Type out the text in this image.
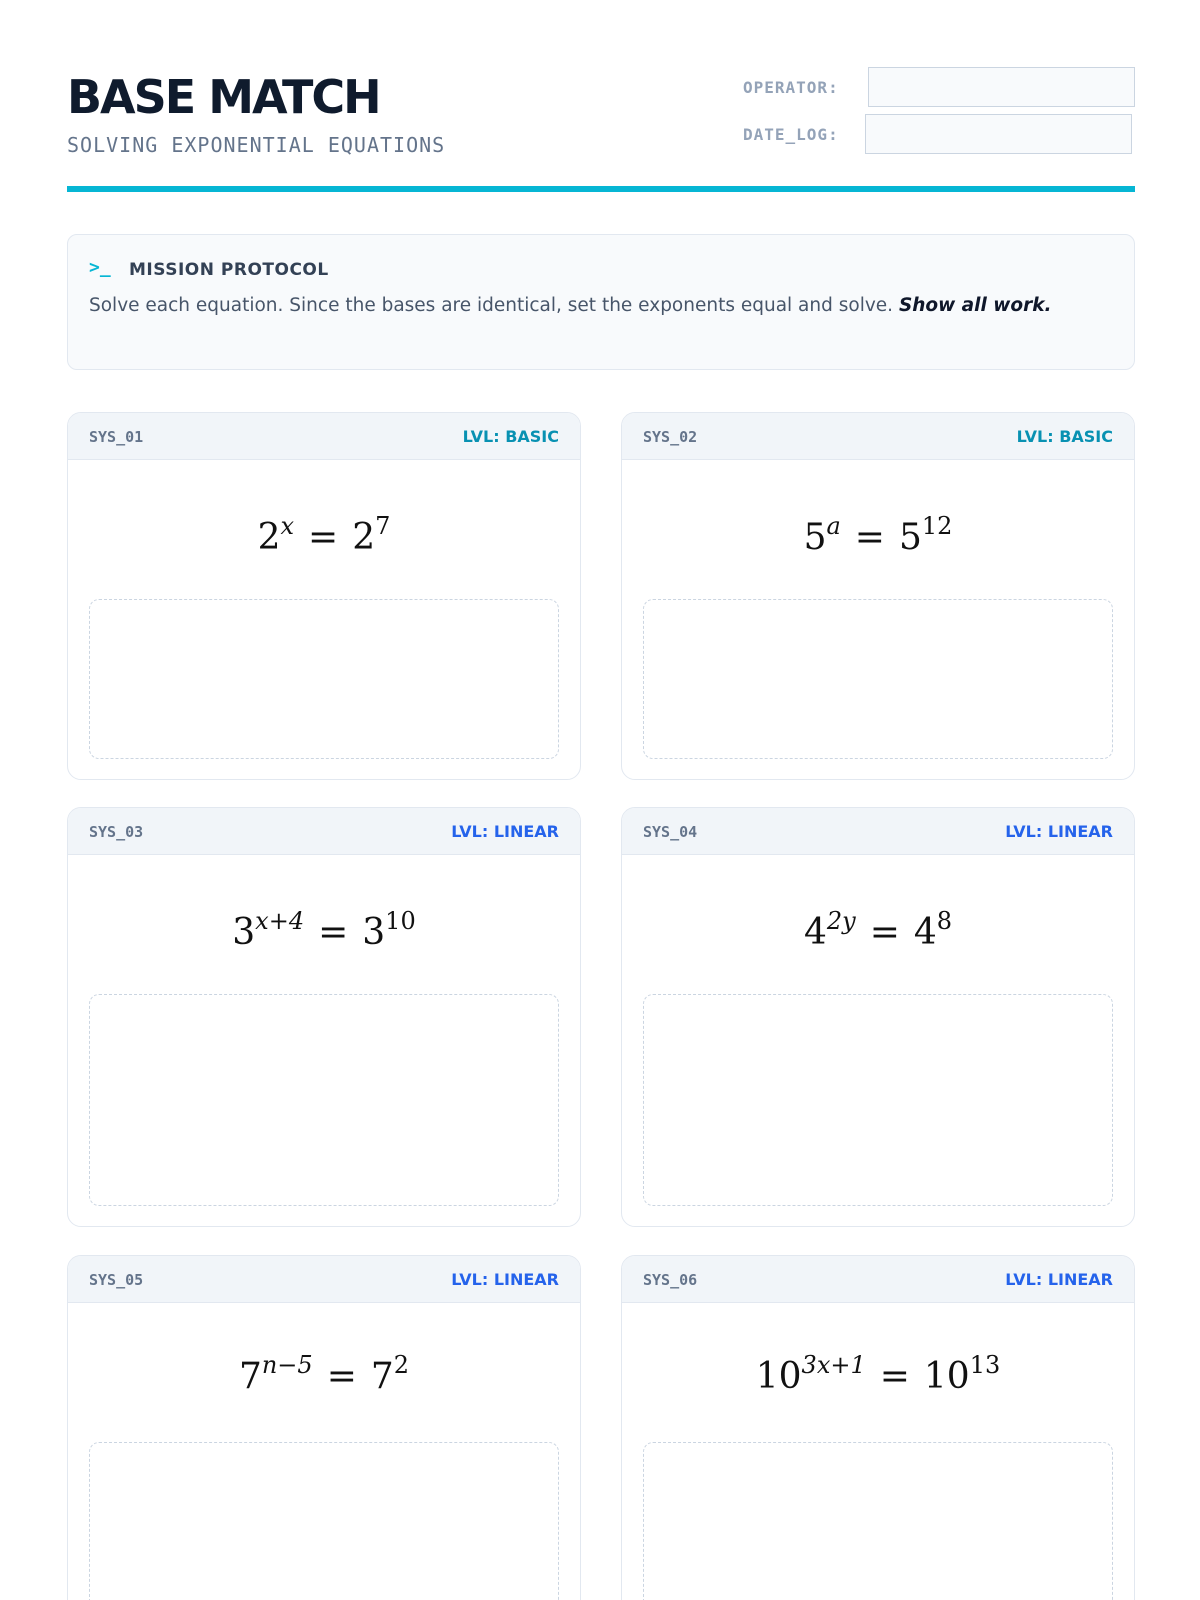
BASE MATCH
SOLVING EXPONENTIAL EQUATIONS
OPERATOR:
DATE_LOG:
>_ MISSION PROTOCOL
Solve each equation. Since the bases are identical, set the exponents equal and solve. Show all work.
SYS_01	LVL: BASIC
$2^x = 2^7$
SYS_02	LVL: BASIC
$5^a = 5^{12}$
SYS_03	LVL: LINEAR
$3^{x+4} = 3^{10}$
SYS_04	LVL: LINEAR
$4^{2y} = 4^8$
SYS_05	LVL: LINEAR
$7^{n-5} = 7^2$
SYS_06	LVL: LINEAR
$10^{3x+1} = 10^{13}$
